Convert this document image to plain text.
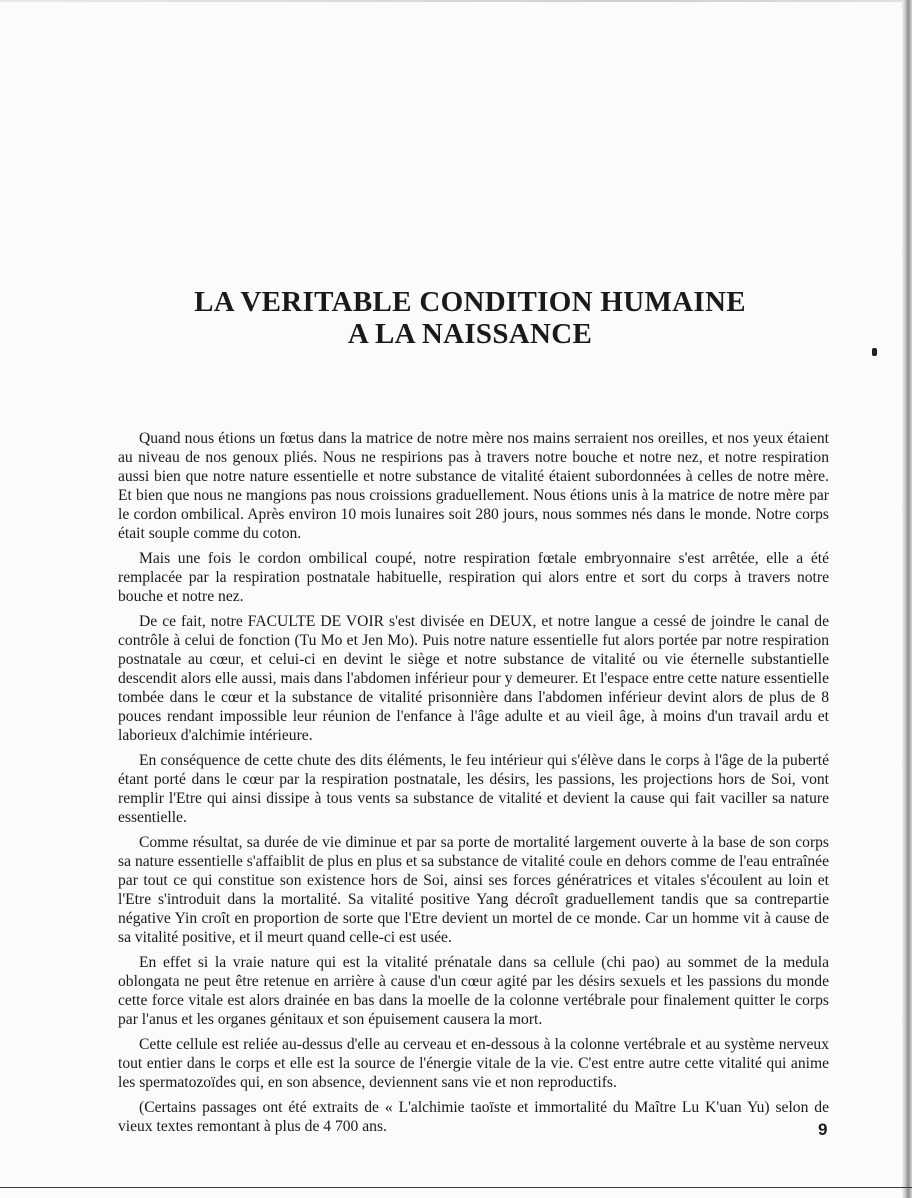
LA VERITABLE CONDITION HUMAINE
A LA NAISSANCE

Quand nous étions un fœtus dans la matrice de notre mère nos mains serraient nos oreilles, et nos yeux étaient au niveau de nos genoux pliés. Nous ne respirions pas à travers notre bouche et notre nez, et notre respiration aussi bien que notre nature essentielle et notre substance de vitalité étaient subordonnées à celles de notre mère. Et bien que nous ne mangions pas nous croissions graduellement. Nous étions unis à la matrice de notre mère par le cordon ombilical. Après environ 10 mois lunaires soit 280 jours, nous sommes nés dans le monde. Notre corps était souple comme du coton.

Mais une fois le cordon ombilical coupé, notre respiration fœtale embryonnaire s'est arrêtée, elle a été remplacée par la respiration postnatale habituelle, respiration qui alors entre et sort du corps à travers notre bouche et notre nez.

De ce fait, notre FACULTE DE VOIR s'est divisée en DEUX, et notre langue a cessé de joindre le canal de contrôle à celui de fonction (Tu Mo et Jen Mo). Puis notre nature essentielle fut alors portée par notre respiration postnatale au cœur, et celui-ci en devint le siège et notre substance de vitalité ou vie éternelle substantielle descendit alors elle aussi, mais dans l'abdomen inférieur pour y demeurer. Et l'espace entre cette nature essentielle tombée dans le cœur et la substance de vitalité prisonnière dans l'abdomen inférieur devint alors de plus de 8 pouces rendant impossible leur réunion de l'enfance à l'âge adulte et au vieil âge, à moins d'un travail ardu et laborieux d'alchimie intérieure.

En conséquence de cette chute des dits éléments, le feu intérieur qui s'élève dans le corps à l'âge de la puberté étant porté dans le cœur par la respiration postnatale, les désirs, les passions, les projections hors de Soi, vont remplir l'Etre qui ainsi dissipe à tous vents sa substance de vitalité et devient la cause qui fait vaciller sa nature essentielle.

Comme résultat, sa durée de vie diminue et par sa porte de mortalité largement ouverte à la base de son corps sa nature essentielle s'affaiblit de plus en plus et sa substance de vitalité coule en dehors comme de l'eau entraînée par tout ce qui constitue son existence hors de Soi, ainsi ses forces génératrices et vitales s'écoulent au loin et l'Etre s'introduit dans la mortalité. Sa vitalité positive Yang décroît graduellement tandis que sa contrepartie négative Yin croît en proportion de sorte que l'Etre devient un mortel de ce monde. Car un homme vit à cause de sa vitalité positive, et il meurt quand celle-ci est usée.

En effet si la vraie nature qui est la vitalité prénatale dans sa cellule (chi pao) au sommet de la medula oblongata ne peut être retenue en arrière à cause d'un cœur agité par les désirs sexuels et les passions du monde cette force vitale est alors drainée en bas dans la moelle de la colonne vertébrale pour finalement quitter le corps par l'anus et les organes génitaux et son épuisement causera la mort.

Cette cellule est reliée au-dessus d'elle au cerveau et en-dessous à la colonne vertébrale et au système nerveux tout entier dans le corps et elle est la source de l'énergie vitale de la vie. C'est entre autre cette vitalité qui anime les spermatozoïdes qui, en son absence, deviennent sans vie et non reproductifs.

(Certains passages ont été extraits de « L'alchimie taoïste et immortalité du Maître Lu K'uan Yu) selon de vieux textes remontant à plus de 4 700 ans.	9
